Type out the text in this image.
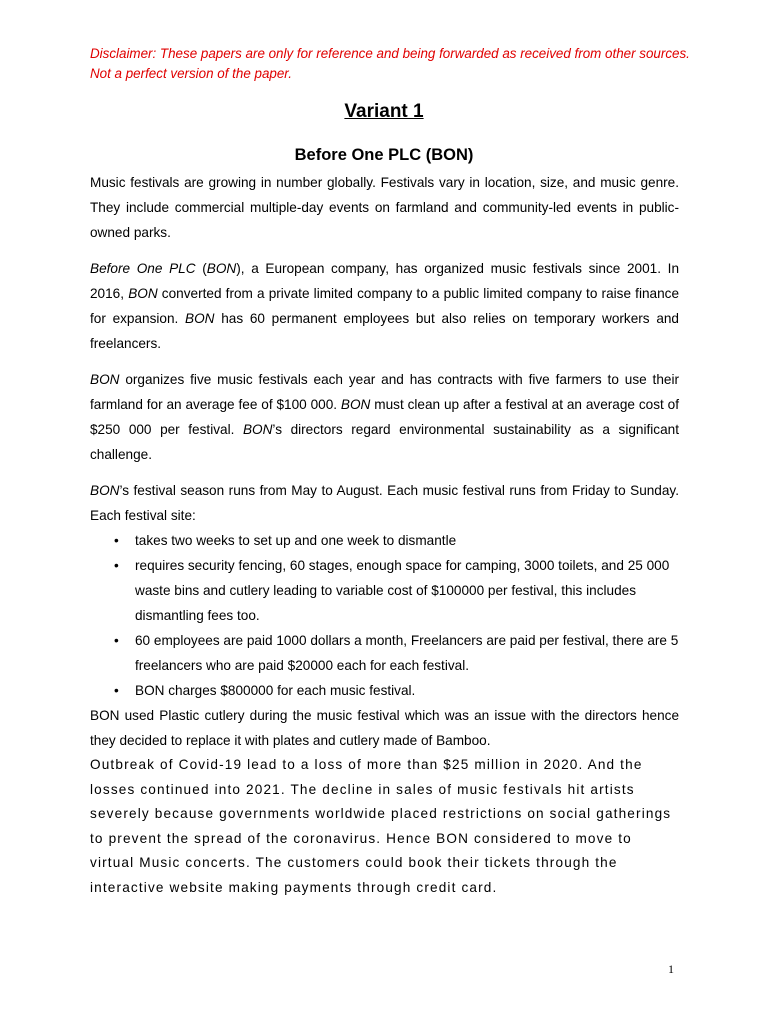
Disclaimer: These papers are only for reference and being forwarded as received from other sources. Not a perfect version of the paper.
Variant 1
Before One PLC (BON)

Music festivals are growing in number globally. Festivals vary in location, size, and music genre. They include commercial multiple-day events on farmland and community-led events in public-owned parks.

Before One PLC (BON), a European company, has organized music festivals since 2001. In 2016, BON converted from a private limited company to a public limited company to raise finance for expansion. BON has 60 permanent employees but also relies on temporary workers and freelancers.

BON organizes five music festivals each year and has contracts with five farmers to use their farmland for an average fee of $100 000. BON must clean up after a festival at an average cost of $250 000 per festival. BON’s directors regard environmental sustainability as a significant challenge.

BON’s festival season runs from May to August. Each music festival runs from Friday to Sunday. Each festival site:

• takes two weeks to set up and one week to dismantle
• requires security fencing, 60 stages, enough space for camping, 3000 toilets, and 25 000 waste bins and cutlery leading to variable cost of $100000 per festival, this includes dismantling fees too.
• 60 employees are paid 1000 dollars a month, Freelancers are paid per festival, there are 5 freelancers who are paid $20000 each for each festival.
• BON charges $800000 for each music festival.

BON used Plastic cutlery during the music festival which was an issue with the directors hence they decided to replace it with plates and cutlery made of Bamboo.

Outbreak of Covid-19 lead to a loss of more than $25 million in 2020. And the losses continued into 2021. The decline in sales of music festivals hit artists severely because governments worldwide placed restrictions on social gatherings to prevent the spread of the coronavirus. Hence BON considered to move to virtual Music concerts. The customers could book their tickets through the interactive website making payments through credit card.

1
